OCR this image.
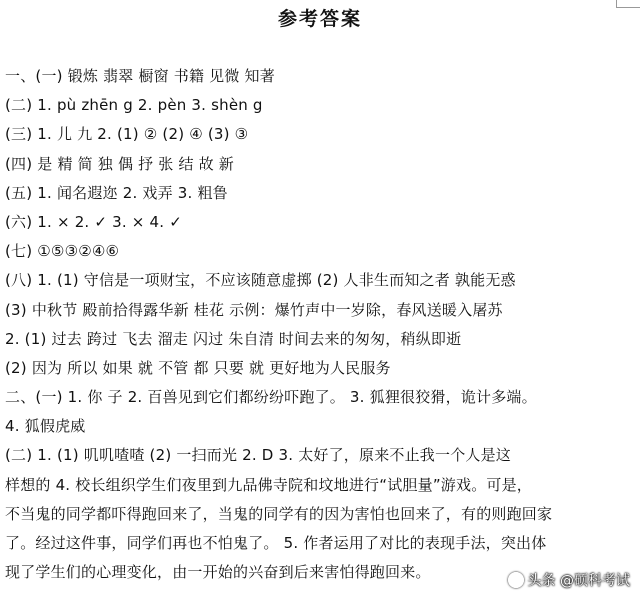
参考答案
一、(一) 锻炼 翡翠 橱窗 书籍 见微 知著
(二) 1. pù zhēn g 2. pèn 3. shèn g
(三) 1. 儿 九 2. (1) ② (2) ④ (3) ③
(四) 是 精 简 独 偶 抒 张 结 故 新
(五) 1. 闻名遐迩 2. 戏弄 3. 粗鲁
(六) 1. × 2. ✓ 3. × 4. ✓
(七) ①⑤③②④⑥
(八) 1. (1) 守信是一项财宝，不应该随意虚掷 (2) 人非生而知之者 孰能无惑
(3) 中秋节 殿前拾得露华新 桂花 示例：爆竹声中一岁除，春风送暖入屠苏
2. (1) 过去 跨过 飞去 溜走 闪过 朱自清 时间去来的匆匆，稍纵即逝
(2) 因为 所以 如果 就 不管 都 只要 就 更好地为人民服务
二、(一) 1. 你 子 2. 百兽见到它们都纷纷吓跑了。 3. 狐狸很狡猾，诡计多端。
4. 狐假虎威
(二) 1. (1) 叽叽喳喳 (2) 一扫而光 2. D 3. 太好了，原来不止我一个人是这
样想的 4. 校长组织学生们夜里到九品佛寺院和坟地进行“试胆量”游戏。可是，
不当鬼的同学都吓得跑回来了，当鬼的同学有的因为害怕也回来了，有的则跑回家
了。经过这件事，同学们再也不怕鬼了。 5. 作者运用了对比的表现手法，突出体
现了学生们的心理变化，由一开始的兴奋到后来害怕得跑回来。	头条 @硕科考试
